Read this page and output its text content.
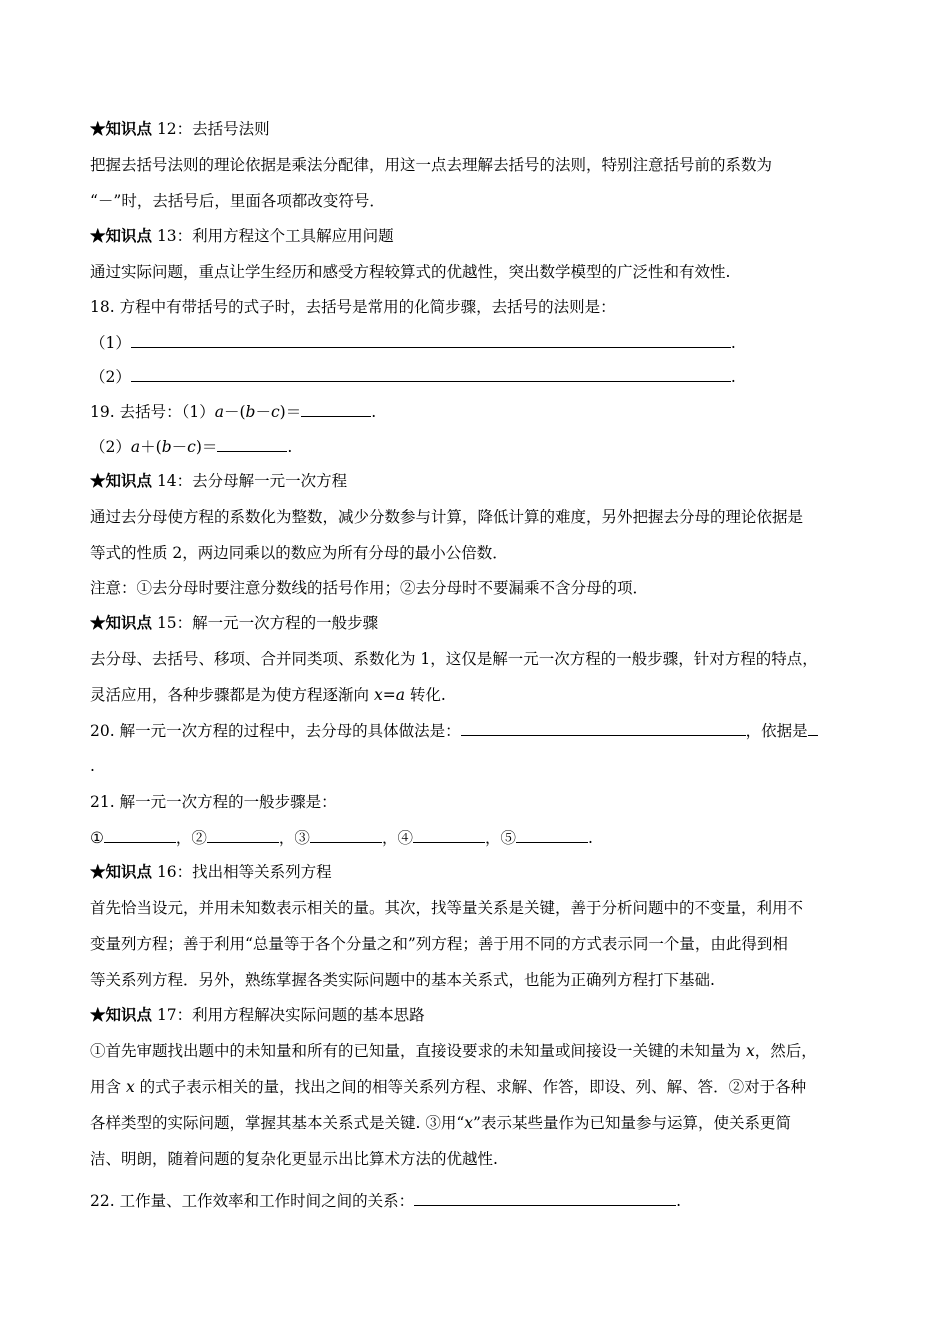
★知识点 12：去括号法则
把握去括号法则的理论依据是乘法分配律，用这一点去理解去括号的法则，特别注意括号前的系数为
“－”时，去括号后，里面各项都改变符号．
★知识点 13：利用方程这个工具解应用问题
通过实际问题，重点让学生经历和感受方程较算式的优越性，突出数学模型的广泛性和有效性.
18. 方程中有带括号的式子时，去括号是常用的化简步骤，去括号的法则是：
（1）	.
（2）	.
19. 去括号：（1）a－(b－c)＝	.
（2）a＋(b－c)＝	.
★知识点 14：去分母解一元一次方程
通过去分母使方程的系数化为整数，减少分数参与计算，降低计算的难度，另外把握去分母的理论依据是
等式的性质 2，两边同乘以的数应为所有分母的最小公倍数．
注意：①去分母时要注意分数线的括号作用；②去分母时不要漏乘不含分母的项．
★知识点 15：解一元一次方程的一般步骤
去分母、去括号、移项、合并同类项、系数化为 1，这仅是解一元一次方程的一般步骤，针对方程的特点，
灵活应用，各种步骤都是为使方程逐渐向 x=a 转化.
20. 解一元一次方程的过程中，去分母的具体做法是：	，依据是
.
21. 解一元一次方程的一般步骤是：
①	，②	，③	，④	，⑤	.
★知识点 16：找出相等关系列方程
首先恰当设元，并用未知数表示相关的量。其次，找等量关系是关键，善于分析问题中的不变量，利用不
变量列方程；善于利用“总量等于各个分量之和”列方程；善于用不同的方式表示同一个量，由此得到相
等关系列方程．另外，熟练掌握各类实际问题中的基本关系式，也能为正确列方程打下基础.
★知识点 17：利用方程解决实际问题的基本思路
①首先审题找出题中的未知量和所有的已知量，直接设要求的未知量或间接设一关键的未知量为 x，然后，
用含 x 的式子表示相关的量，找出之间的相等关系列方程、求解、作答，即设、列、解、答．②对于各种
各样类型的实际问题，掌握其基本关系式是关键. ③用“x”表示某些量作为已知量参与运算，使关系更简
洁、明朗，随着问题的复杂化更显示出比算术方法的优越性.
22. 工作量、工作效率和工作时间之间的关系：	.
